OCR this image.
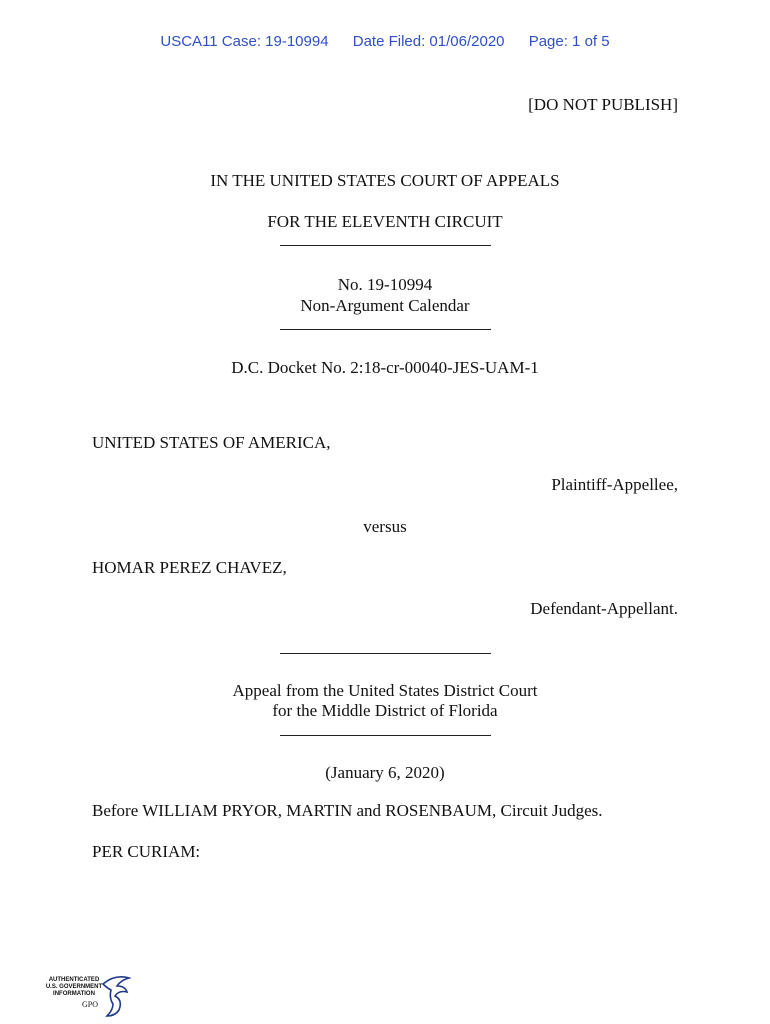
USCA11 Case: 19-10994 Date Filed: 01/06/2020 Page: 1 of 5
[DO NOT PUBLISH]
IN THE UNITED STATES COURT OF APPEALS
FOR THE ELEVENTH CIRCUIT
No. 19-10994
Non-Argument Calendar
D.C. Docket No. 2:18-cr-00040-JES-UAM-1
UNITED STATES OF AMERICA,
Plaintiff-Appellee,
versus
HOMAR PEREZ CHAVEZ,
Defendant-Appellant.
Appeal from the United States District Court
for the Middle District of Florida
(January 6, 2020)
Before WILLIAM PRYOR, MARTIN and ROSENBAUM, Circuit Judges.
PER CURIAM:
AUTHENTICATED
U.S. GOVERNMENT
INFORMATION
GPO
